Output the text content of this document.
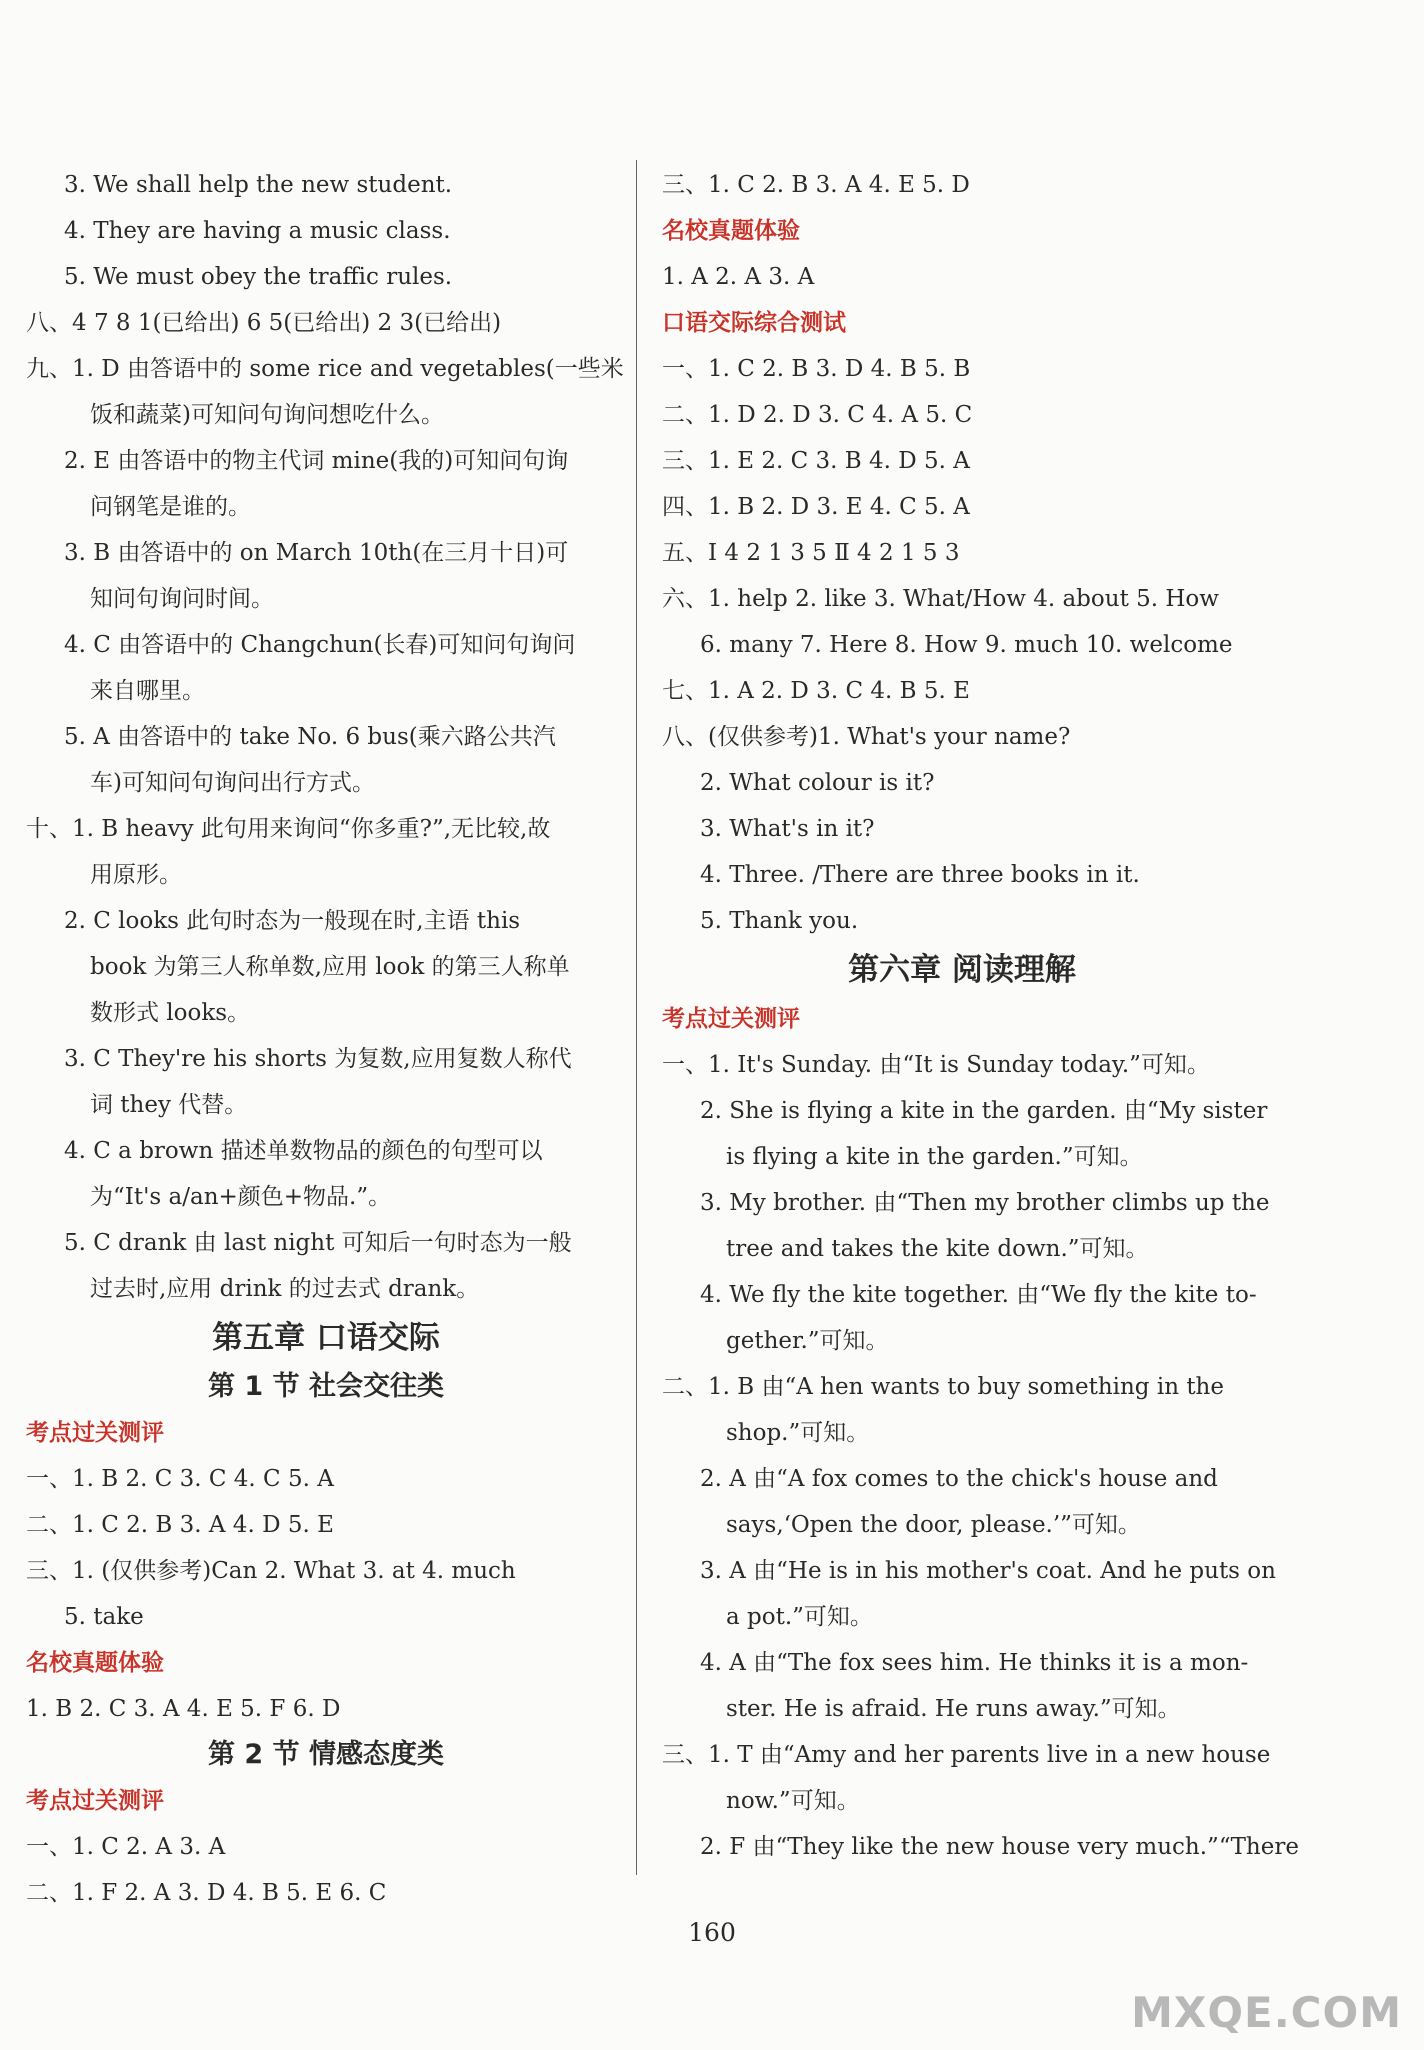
3. We shall help the new student.
4. They are having a music class.
5. We must obey the traffic rules.
八、4 7 8 1(已给出) 6 5(已给出) 2 3(已给出)
九、1. D 由答语中的 some rice and vegetables(一些米
饭和蔬菜)可知问句询问想吃什么。
2. E 由答语中的物主代词 mine(我的)可知问句询
问钢笔是谁的。
3. B 由答语中的 on March 10th(在三月十日)可
知问句询问时间。
4. C 由答语中的 Changchun(长春)可知问句询问
来自哪里。
5. A 由答语中的 take No. 6 bus(乘六路公共汽
车)可知问句询问出行方式。
十、1. B heavy 此句用来询问“你多重?”,无比较,故
用原形。
2. C looks 此句时态为一般现在时,主语 this
book 为第三人称单数,应用 look 的第三人称单
数形式 looks。
3. C They're his shorts 为复数,应用复数人称代
词 they 代替。
4. C a brown 描述单数物品的颜色的句型可以
为“It's a/an+颜色+物品.”。
5. C drank 由 last night 可知后一句时态为一般
过去时,应用 drink 的过去式 drank。
第五章 口语交际
第 1 节 社会交往类
考点过关测评
一、1. B 2. C 3. C 4. C 5. A
二、1. C 2. B 3. A 4. D 5. E
三、1. (仅供参考)Can 2. What 3. at 4. much
5. take
名校真题体验
1. B 2. C 3. A 4. E 5. F 6. D
第 2 节 情感态度类
考点过关测评
一、1. C 2. A 3. A
二、1. F 2. A 3. D 4. B 5. E 6. C
三、1. C 2. B 3. A 4. E 5. D
名校真题体验
1. A 2. A 3. A
口语交际综合测试
一、1. C 2. B 3. D 4. B 5. B
二、1. D 2. D 3. C 4. A 5. C
三、1. E 2. C 3. B 4. D 5. A
四、1. B 2. D 3. E 4. C 5. A
五、Ⅰ 4 2 1 3 5 Ⅱ 4 2 1 5 3
六、1. help 2. like 3. What/How 4. about 5. How
6. many 7. Here 8. How 9. much 10. welcome
七、1. A 2. D 3. C 4. B 5. E
八、(仅供参考)1. What's your name?
2. What colour is it?
3. What's in it?
4. Three. /There are three books in it.
5. Thank you.
第六章 阅读理解
考点过关测评
一、1. It's Sunday. 由“It is Sunday today.”可知。
2. She is flying a kite in the garden. 由“My sister
is flying a kite in the garden.”可知。
3. My brother. 由“Then my brother climbs up the
tree and takes the kite down.”可知。
4. We fly the kite together. 由“We fly the kite to-
gether.”可知。
二、1. B 由“A hen wants to buy something in the
shop.”可知。
2. A 由“A fox comes to the chick's house and
says,‘Open the door, please.’”可知。
3. A 由“He is in his mother's coat. And he puts on
a pot.”可知。
4. A 由“The fox sees him. He thinks it is a mon-
ster. He is afraid. He runs away.”可知。
三、1. T 由“Amy and her parents live in a new house
now.”可知。
2. F 由“They like the new house very much.”“There
160
MXQE.COM
